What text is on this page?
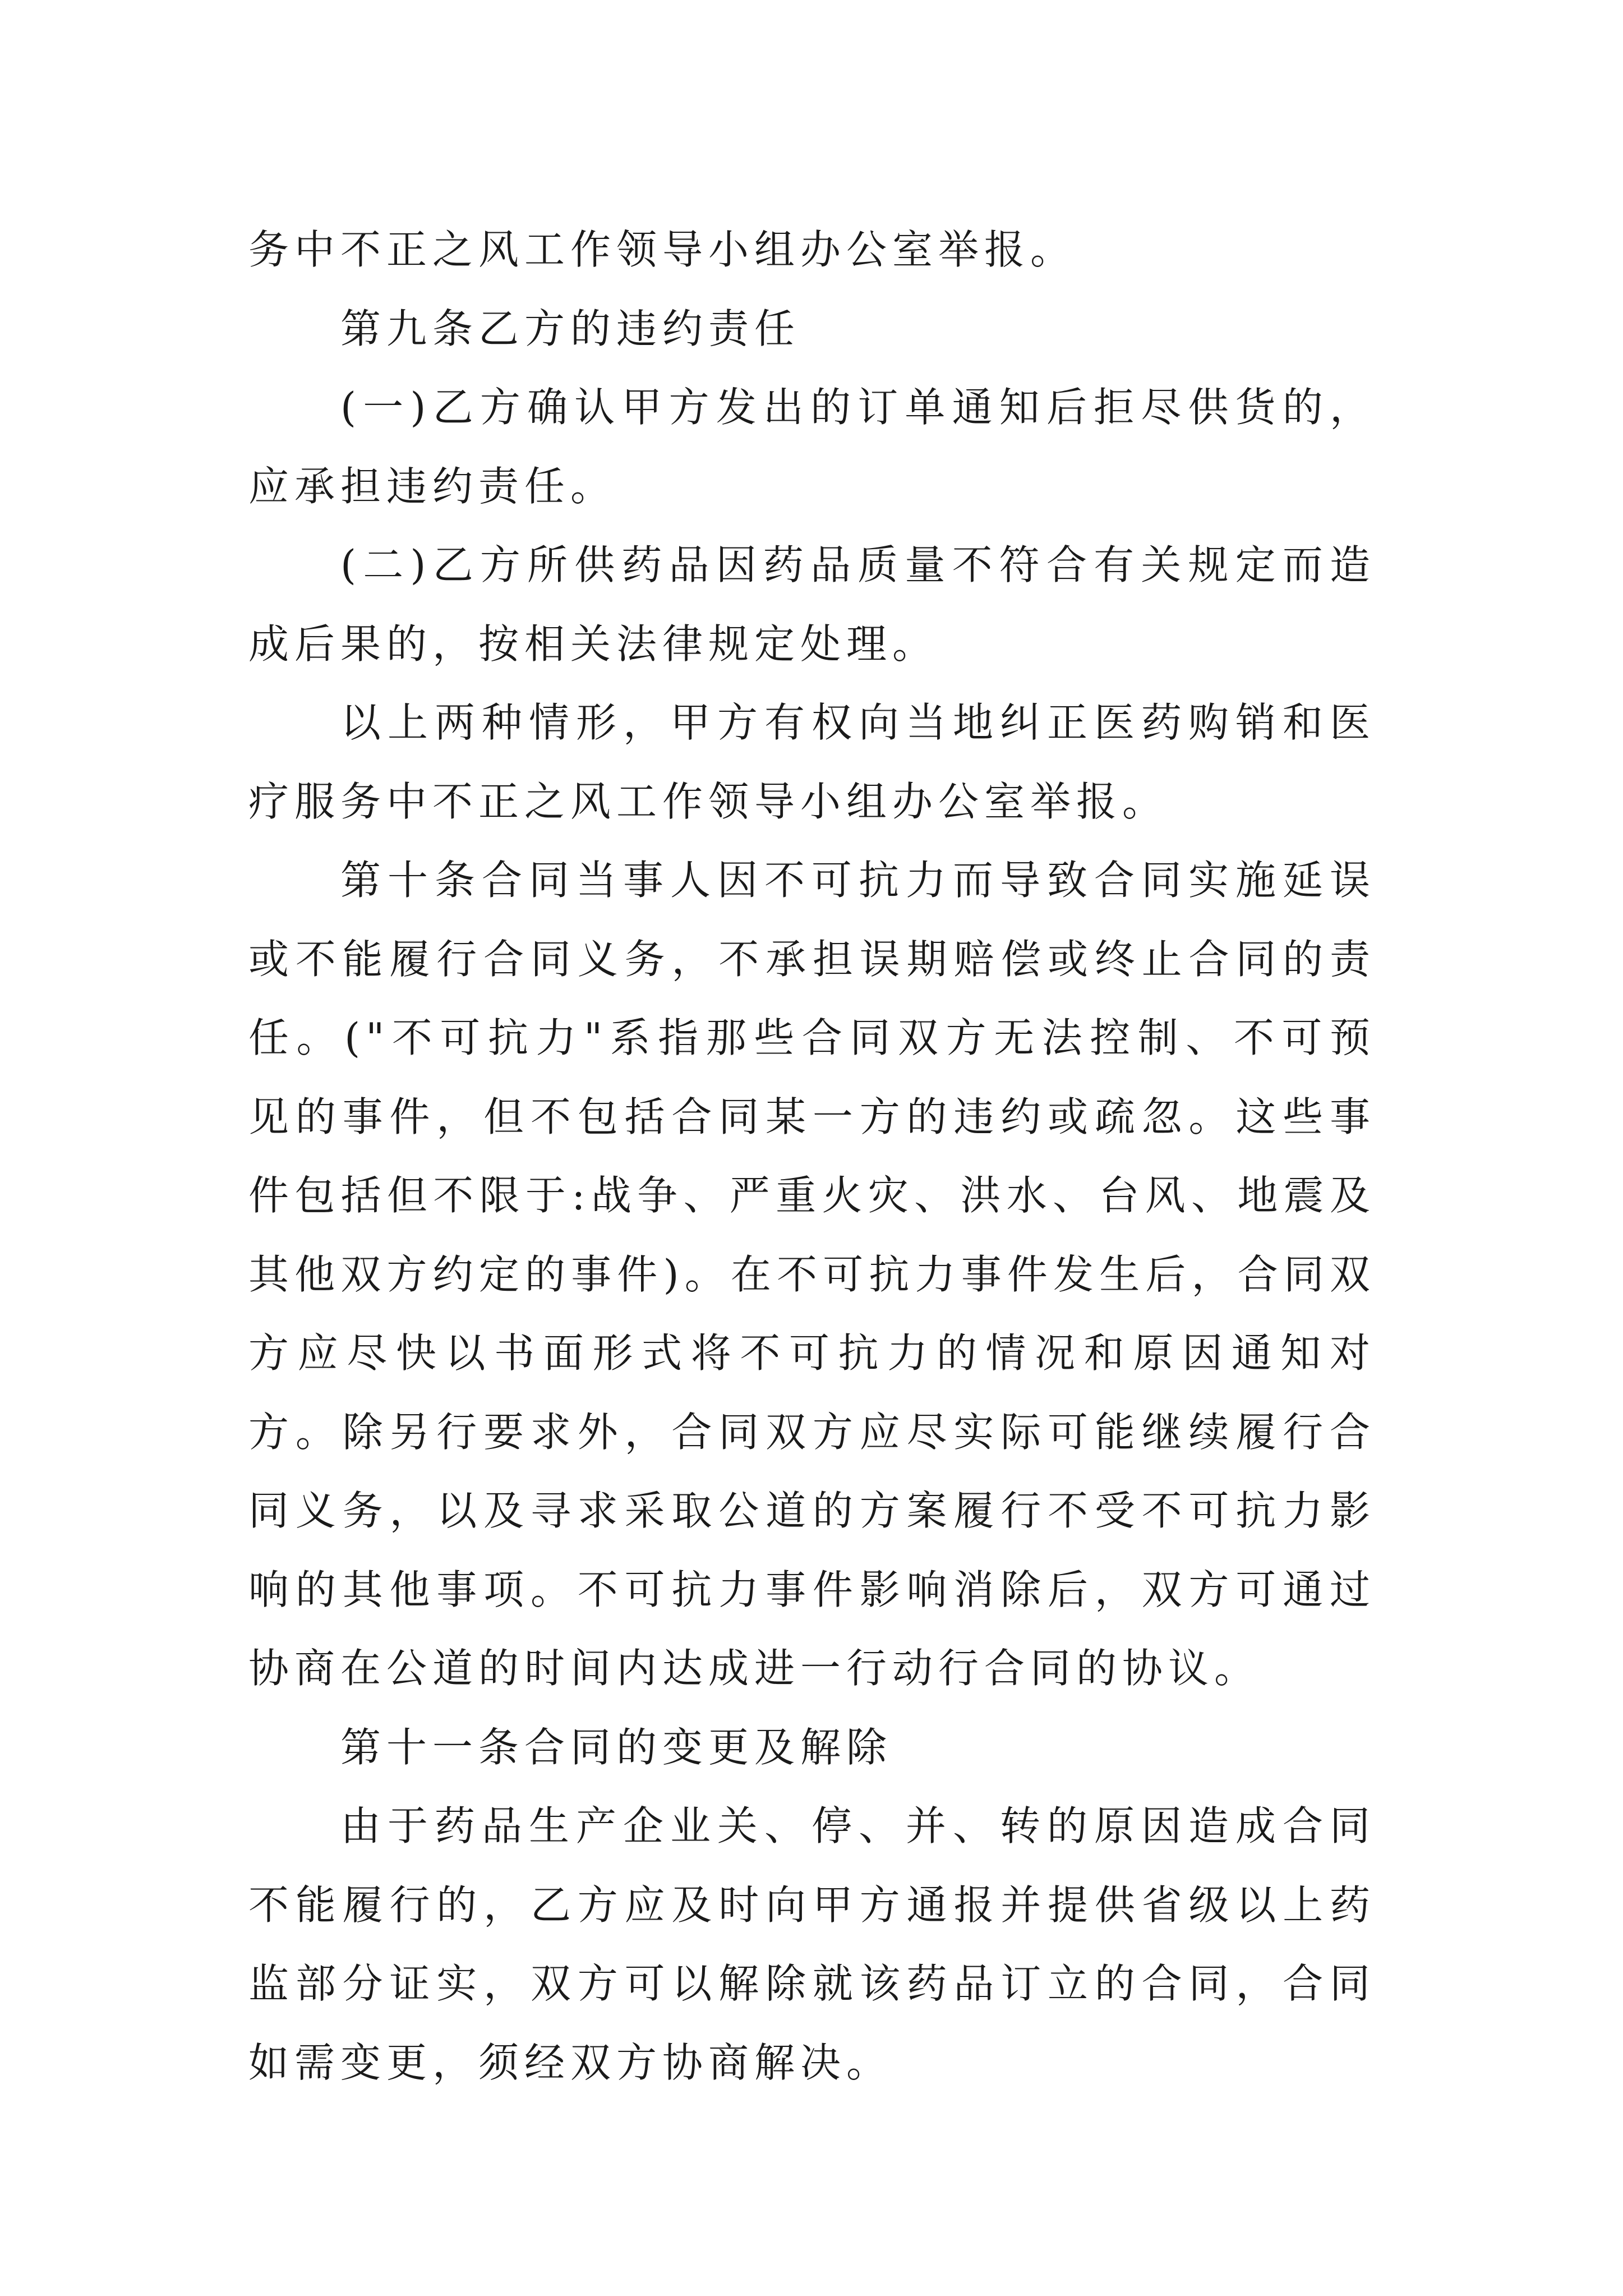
务中不正之风工作领导小组办公室举报。

第九条乙方的违约责任

(一)乙方确认甲方发出的订单通知后拒尽供货的，应承担违约责任。

(二)乙方所供药品因药品质量不符合有关规定而造成后果的，按相关法律规定处理。

以上两种情形，甲方有权向当地纠正医药购销和医疗服务中不正之风工作领导小组办公室举报。

第十条合同当事人因不可抗力而导致合同实施延误或不能履行合同义务，不承担误期赔偿或终止合同的责任。("不可抗力"系指那些合同双方无法控制、不可预见的事件，但不包括合同某一方的违约或疏忽。这些事件包括但不限于:战争、严重火灾、洪水、台风、地震及其他双方约定的事件)。在不可抗力事件发生后，合同双方应尽快以书面形式将不可抗力的情况和原因通知对方。除另行要求外，合同双方应尽实际可能继续履行合同义务，以及寻求采取公道的方案履行不受不可抗力影响的其他事项。不可抗力事件影响消除后，双方可通过协商在公道的时间内达成进一行动行合同的协议。

第十一条合同的变更及解除

由于药品生产企业关、停、并、转的原因造成合同不能履行的，乙方应及时向甲方通报并提供省级以上药监部分证实，双方可以解除就该药品订立的合同，合同如需变更，须经双方协商解决。
